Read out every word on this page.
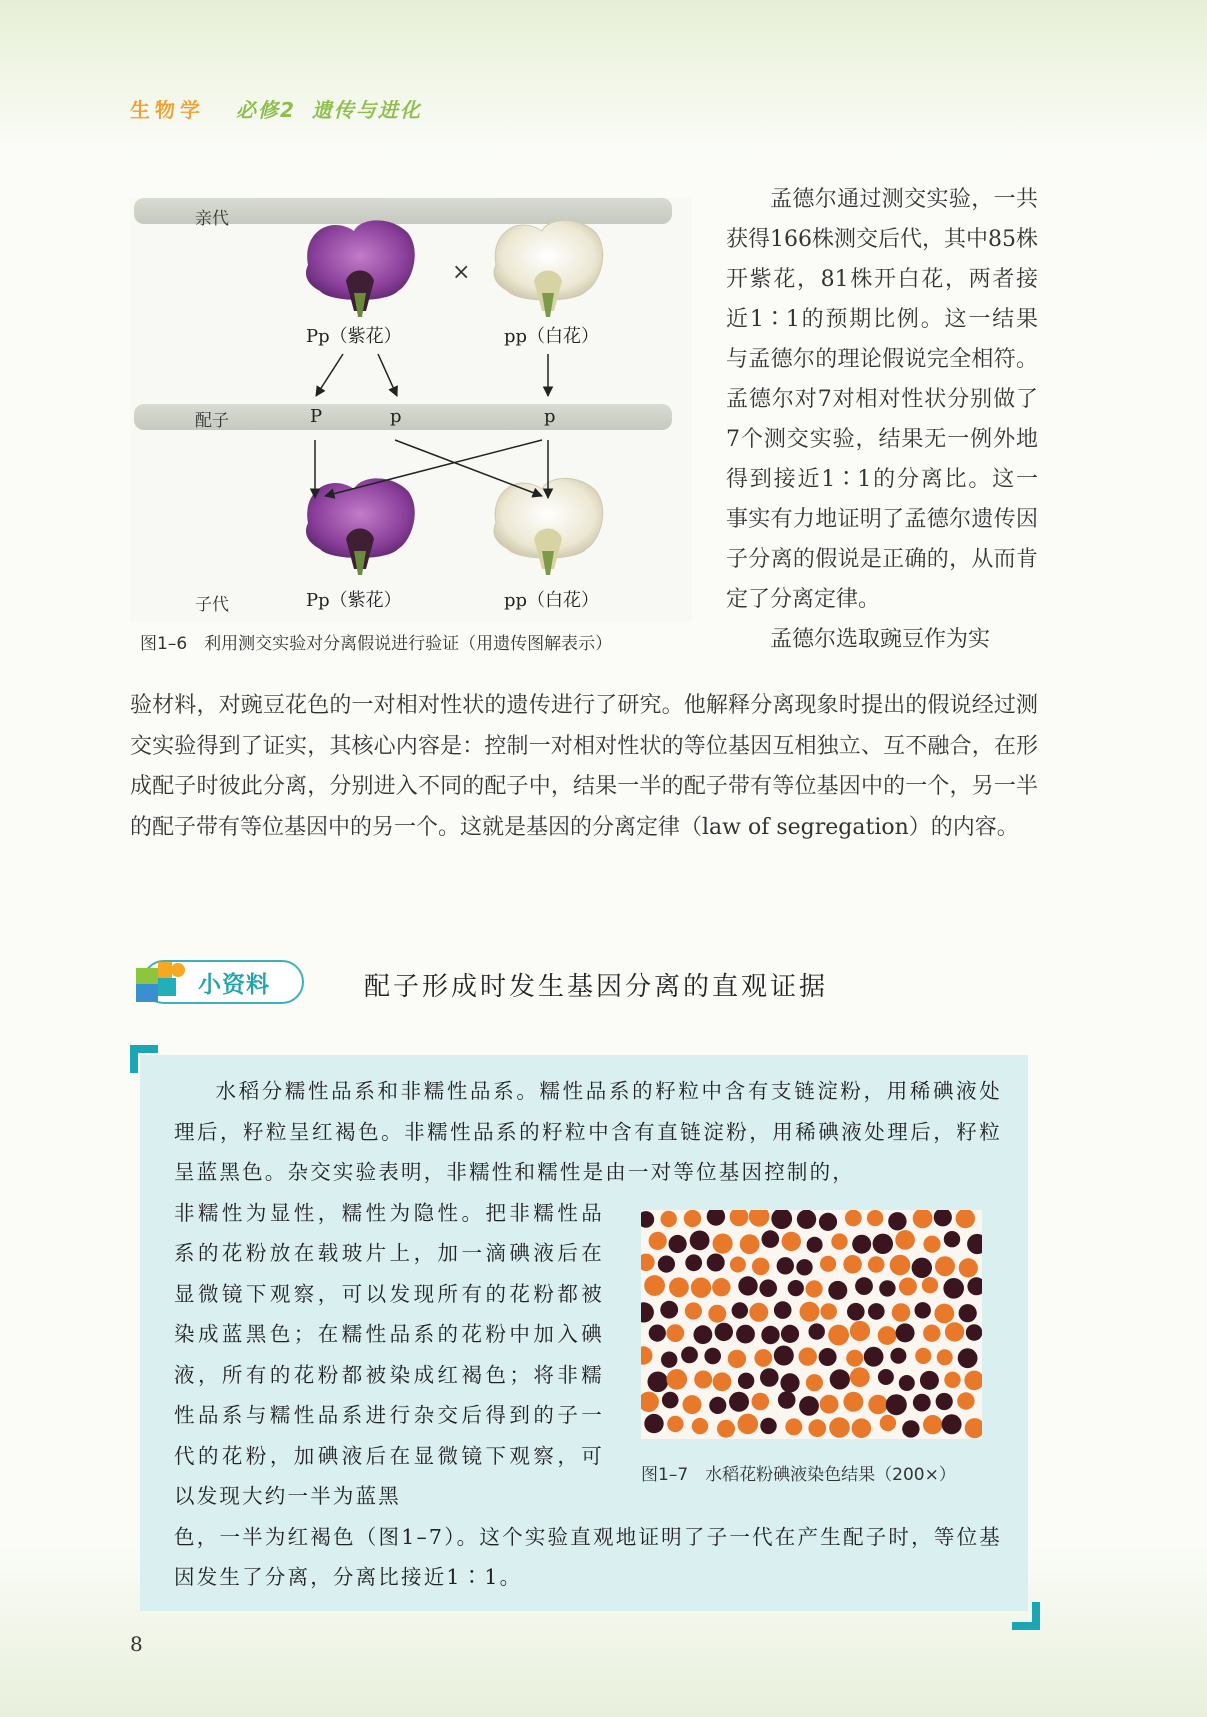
生物学 必修2 遗传与进化
亲代
配子
子代
×
Pp（紫花）	pp（白花）
P	p	p
Pp（紫花）	pp（白花）
图1–6　利用测交实验对分离假说进行验证（用遗传图解表示）

孟德尔通过测交实验，一共获得166株测交后代，其中85株开紫花，81株开白花，两者接近1∶1的预期比例。这一结果与孟德尔的理论假说完全相符。孟德尔对7对相对性状分别做了7个测交实验，结果无一例外地得到接近1∶1的分离比。这一事实有力地证明了孟德尔遗传因子分离的假说是正确的，从而肯定了分离定律。

孟德尔选取豌豆作为实

验材料，对豌豆花色的一对相对性状的遗传进行了研究。他解释分离现象时提出的假说经过测交实验得到了证实，其核心内容是：控制一对相对性状的等位基因互相独立、互不融合，在形成配子时彼此分离，分别进入不同的配子中，结果一半的配子带有等位基因中的一个，另一半的配子带有等位基因中的另一个。这就是基因的分离定律（law of segregation）的内容。

小资料	配子形成时发生基因分离的直观证据
水稻分糯性品系和非糯性品系。糯性品系的籽粒中含有支链淀粉，用稀碘液处理后，籽粒呈红褐色。非糯性品系的籽粒中含有直链淀粉，用稀碘液处理后，籽粒呈蓝黑色。杂交实验表明，非糯性和糯性是由一对等位基因控制的，
非糯性为显性，糯性为隐性。把非糯性品系的花粉放在载玻片上，加一滴碘液后在显微镜下观察，可以发现所有的花粉都被染成蓝黑色；在糯性品系的花粉中加入碘液，所有的花粉都被染成红褐色；将非糯性品系与糯性品系进行杂交后得到的子一代的花粉，加碘液后在显微镜下观察，可以发现大约一半为蓝黑
色，一半为红褐色（图1–7）。这个实验直观地证明了子一代在产生配子时，等位基因发生了分离，分离比接近1∶1。
图1–7　水稻花粉碘液染色结果（200×）
8
